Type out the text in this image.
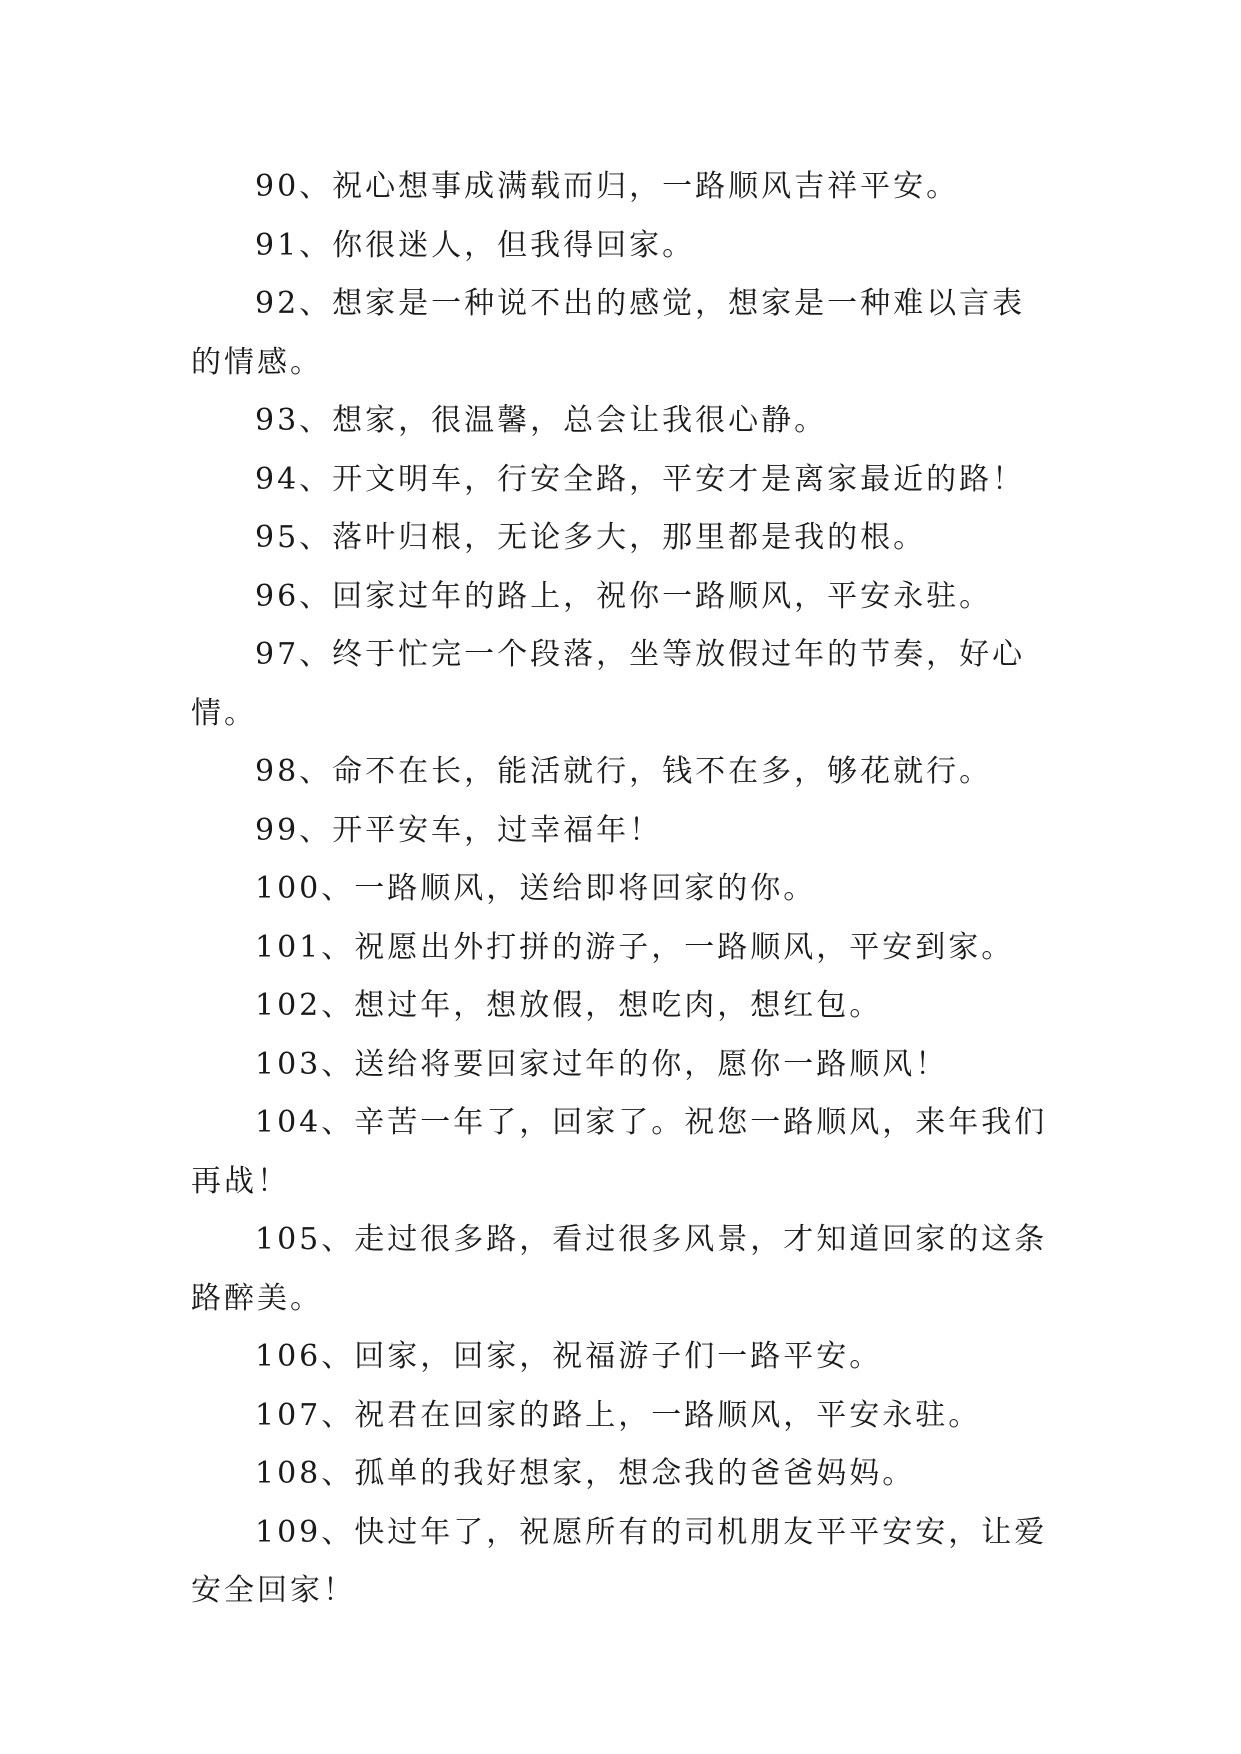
90、祝心想事成满载而归，一路顺风吉祥平安。

91、你很迷人，但我得回家。

92、想家是一种说不出的感觉，想家是一种难以言表的情感。

93、想家，很温馨，总会让我很心静。

94、开文明车，行安全路，平安才是离家最近的路！

95、落叶归根，无论多大，那里都是我的根。

96、回家过年的路上，祝你一路顺风，平安永驻。

97、终于忙完一个段落，坐等放假过年的节奏，好心情。

98、命不在长，能活就行，钱不在多，够花就行。

99、开平安车，过幸福年！

100、一路顺风，送给即将回家的你。

101、祝愿出外打拼的游子，一路顺风，平安到家。

102、想过年，想放假，想吃肉，想红包。

103、送给将要回家过年的你，愿你一路顺风！

104、辛苦一年了，回家了。祝您一路顺风，来年我们再战！

105、走过很多路，看过很多风景，才知道回家的这条路醉美。

106、回家，回家，祝福游子们一路平安。

107、祝君在回家的路上，一路顺风，平安永驻。

108、孤单的我好想家，想念我的爸爸妈妈。

109、快过年了，祝愿所有的司机朋友平平安安，让爱安全回家！
